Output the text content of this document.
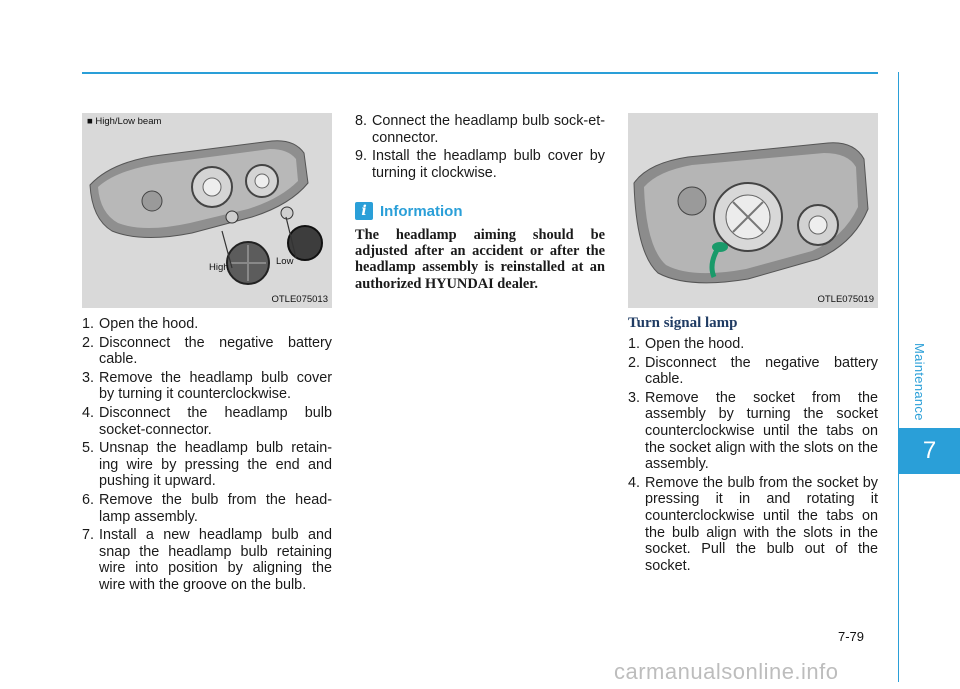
Maintenance
7
■ High/Low beam
High
Low
OTLE075013
1. Open the hood.
2. Disconnect the negative battery cable.
3. Remove the headlamp bulb cover by turning it counterclockwise.
4. Disconnect the headlamp bulb socket-connector.
5. Unsnap the headlamp bulb retain-ing wire by pressing the end and pushing it upward.
6. Remove the bulb from the head-lamp assembly.
7. Install a new headlamp bulb and snap the headlamp bulb retaining wire into position by aligning the wire with the groove on the bulb.
8. Connect the headlamp bulb sock-et-connector.
9. Install the headlamp bulb cover by turning it clockwise.
i Information
The headlamp aiming should be adjusted after an accident or after the headlamp assembly is reinstalled at an authorized HYUNDAI dealer.
OTLE075019
Turn signal lamp
1. Open the hood.
2. Disconnect the negative battery cable.
3. Remove the socket from the assembly by turning the socket counterclockwise until the tabs on the socket align with the slots on the assembly.
4. Remove the bulb from the socket by pressing it in and rotating it counterclockwise until the tabs on the bulb align with the slots in the socket. Pull the bulb out of the socket.
7-79
carmanualsonline.info
